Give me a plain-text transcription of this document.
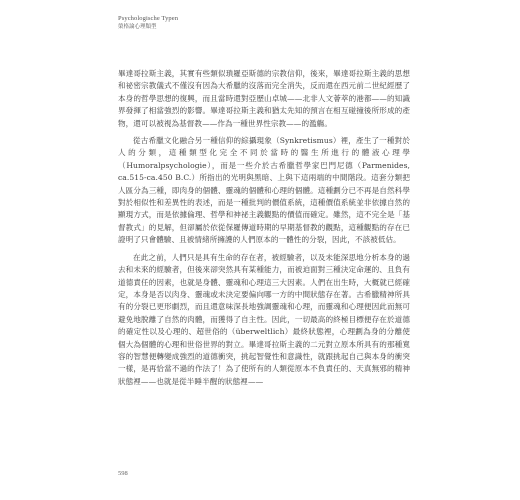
Psychologische Typen
榮格論心理類型

畢達哥拉斯主義，其實有些類似瑣羅亞斯德的宗教信仰，後來，畢達哥拉斯主義的思想和祕密宗教儀式不僅沒有因為大希臘的沒落而完全消失，反而還在西元前二世紀經歷了本身的哲學思想的復興，而且當時還對亞歷山卓城——北非人文薈萃的港都——的知識界發揮了相當強烈的影響。畢達哥拉斯主義和猶太先知的預言在相互碰撞後所形成的產物，還可以被視為基督教——作為一種世界性宗教——的濫觴。

從古希臘文化融合另一種信仰的綜攝現象（Synkretismus）裡，產生了一種對於人的分類，這種類型化完全不同於當時的醫生所進行的體液心理學（Humoralpsychologie），而是一些介於古希臘哲學家巴門尼德（Parmenides, ca.515-ca.450 B.C.）所指出的光明與黑暗、上與下這兩端的中間階段。這套分類把人區分為三種，即肉身的個體、靈魂的個體和心理的個體。這種劃分已不再是自然科學對於相似性和差異性的表述，而是一種批判的價值系統，這種價值系統並非依據自然的顯現方式，而是依據倫理、哲學和神祕主義觀點的價值而確定。雖然，這不完全是「基督教式」的見解，但卻屬於依從保羅傳道時期的早期基督教的觀點，這種觀點的存在已證明了只會體驗、且被情緒所擁護的人們原本的一體性的分裂，因此，不該被低估。

在此之前，人們只是具有生命的存在者，被經驗者，以及未能深思地分析本身的過去和未來的經驗者，但後來卻突然具有某種能力，而被迫面對三種決定命運的、且負有道德責任的因素，也就是身體、靈魂和心理這三大因素。人們在出生時，大概就已經確定，本身是否以肉身、靈魂或未決定要偏向哪一方的中間狀態存在著。古希臘精神所具有的分裂已更形劇烈，而且還意味深長地強調靈魂和心理，而靈魂和心理便因此而無可避免地脫離了自然的肉體，而獲得了自主性。因此，一切最高的終極目標便存在於道德的確定性以及心理的、超世俗的（überweltlich）最終狀態裡，心理劃為身的分離使個大為個體的心理和世俗世界的對立。畢達哥拉斯主義的二元對立原本所具有的那種寬容的智慧便轉變成強烈的道德衝突，挑起智覺性和意識性，就跟挑起自己與本身的衝突一樣，是再恰當不過的作法了！為了使所有的人類從原本不負責任的、天真無邪的精神狀態裡——也就是從半睡半醒的狀態裡——

598
